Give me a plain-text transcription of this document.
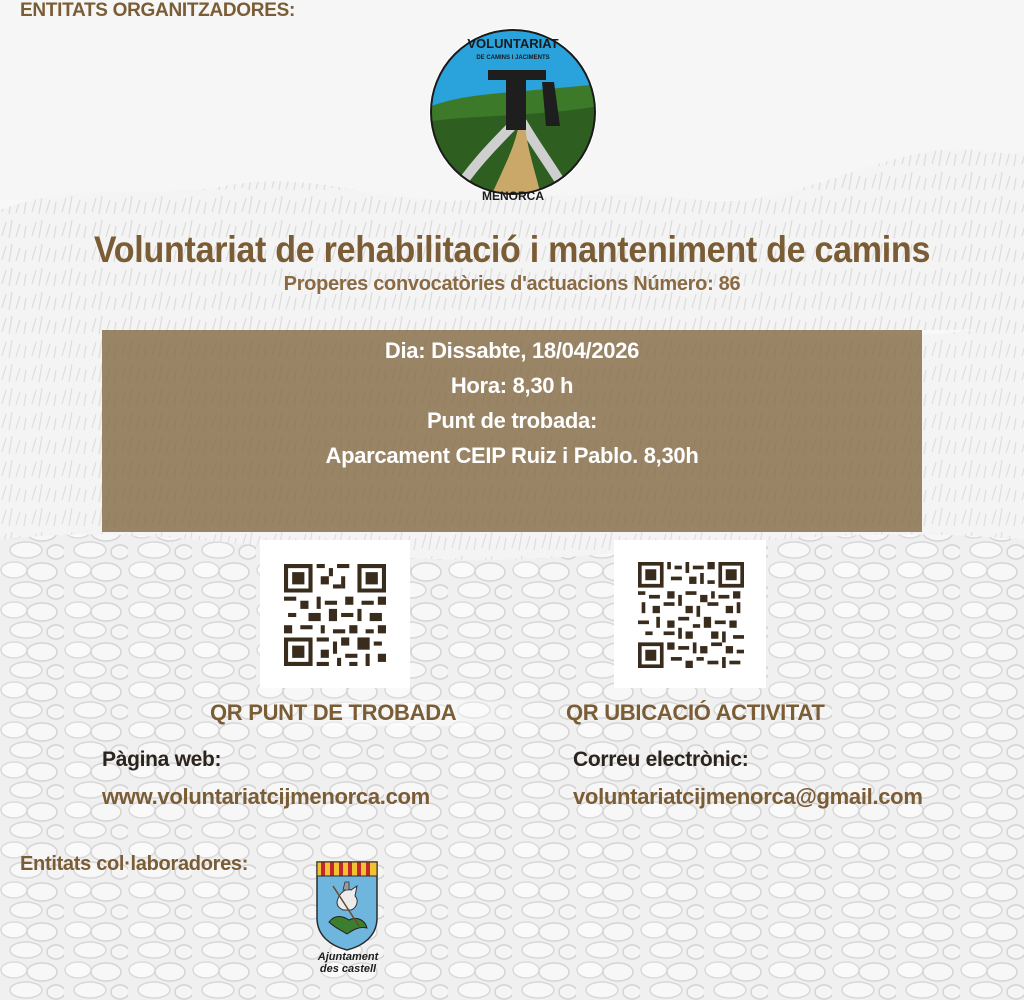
ENTITATS ORGANITZADORES:
VOLUNTARIAT
DE CAMINS I JACIMENTS
MENORCA
Voluntariat de rehabilitació i manteniment de camins
Properes convocatòries d'actuacions Número: 86
Dia: Dissabte, 18/04/2026
Hora: 8,30 h
Punt de trobada:
Aparcament CEIP Ruiz i Pablo. 8,30h
QR PUNT DE TROBADA	QR UBICACIÓ ACTIVITAT
Pàgina web:
www.voluntariatcijmenorca.com
Correu electrònic:
voluntariatcijmenorca@gmail.com
Entitats col·laboradores:
Ajuntament
des castell
